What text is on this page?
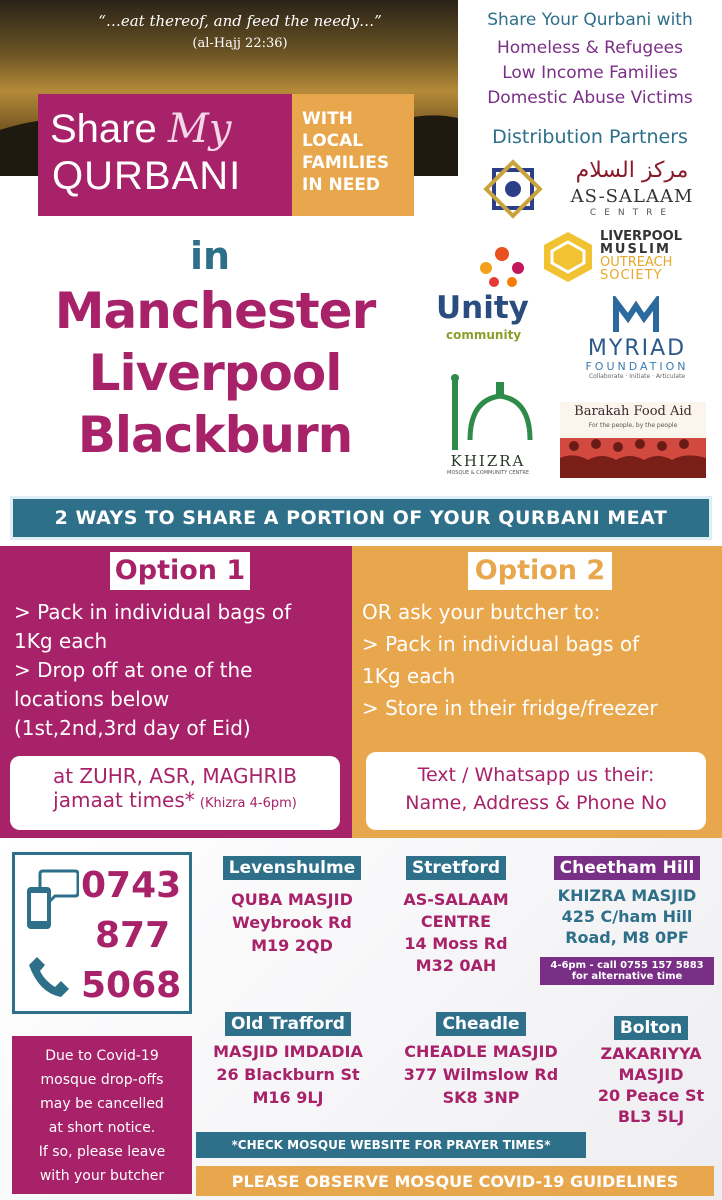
“…eat thereof, and feed the needy…”
(al-Hajj 22:36)
Share My
QURBANI
WITH
LOCAL
FAMILIES
IN NEED
Share Your Qurbani with
Homeless & Refugees
Low Income Families
Domestic Abuse Victims
Distribution Partners
مركز السلام
AS-SALAAM
CENTRE
LIVERPOOL
MUSLIM
OUTREACH
SOCIETY
Unity
community
MYRIAD
FOUNDATION
Collaborate · Initiate · Articulate
KHIZRA
MOSQUE & COMMUNITY CENTRE
Barakah Food Aid
For the people, by the people
in
Manchester
Liverpool
Blackburn
2 WAYS TO SHARE A PORTION OF YOUR QURBANI MEAT
Option 1
> Pack in individual bags of
1Kg each
> Drop off at one of the
locations below
(1st,2nd,3rd day of Eid)
at ZUHR, ASR, MAGHRIB
jamaat times* (Khizra 4-6pm)
Option 2
OR ask your butcher to:
> Pack in individual bags of
1Kg each
> Store in their fridge/freezer
Text / Whatsapp us their:
Name, Address & Phone No
0743
877
5068
Levenshulme
QUBA MASJID
Weybrook Rd
M19 2QD
Stretford
AS-SALAAM
CENTRE
14 Moss Rd
M32 0AH
Cheetham Hill
KHIZRA MASJID
425 C/ham Hill
Road, M8 0PF
4-6pm - call 0755 157 5883
for alternative time
Due to Covid-19
mosque drop-offs
may be cancelled
at short notice.
If so, please leave
with your butcher
Old Trafford
MASJID IMDADIA
26 Blackburn St
M16 9LJ
Cheadle
CHEADLE MASJID
377 Wilmslow Rd
SK8 3NP
Bolton
ZAKARIYYA
MASJID
20 Peace St
BL3 5LJ
*CHECK MOSQUE WEBSITE FOR PRAYER TIMES*
PLEASE OBSERVE MOSQUE COVID-19 GUIDELINES
